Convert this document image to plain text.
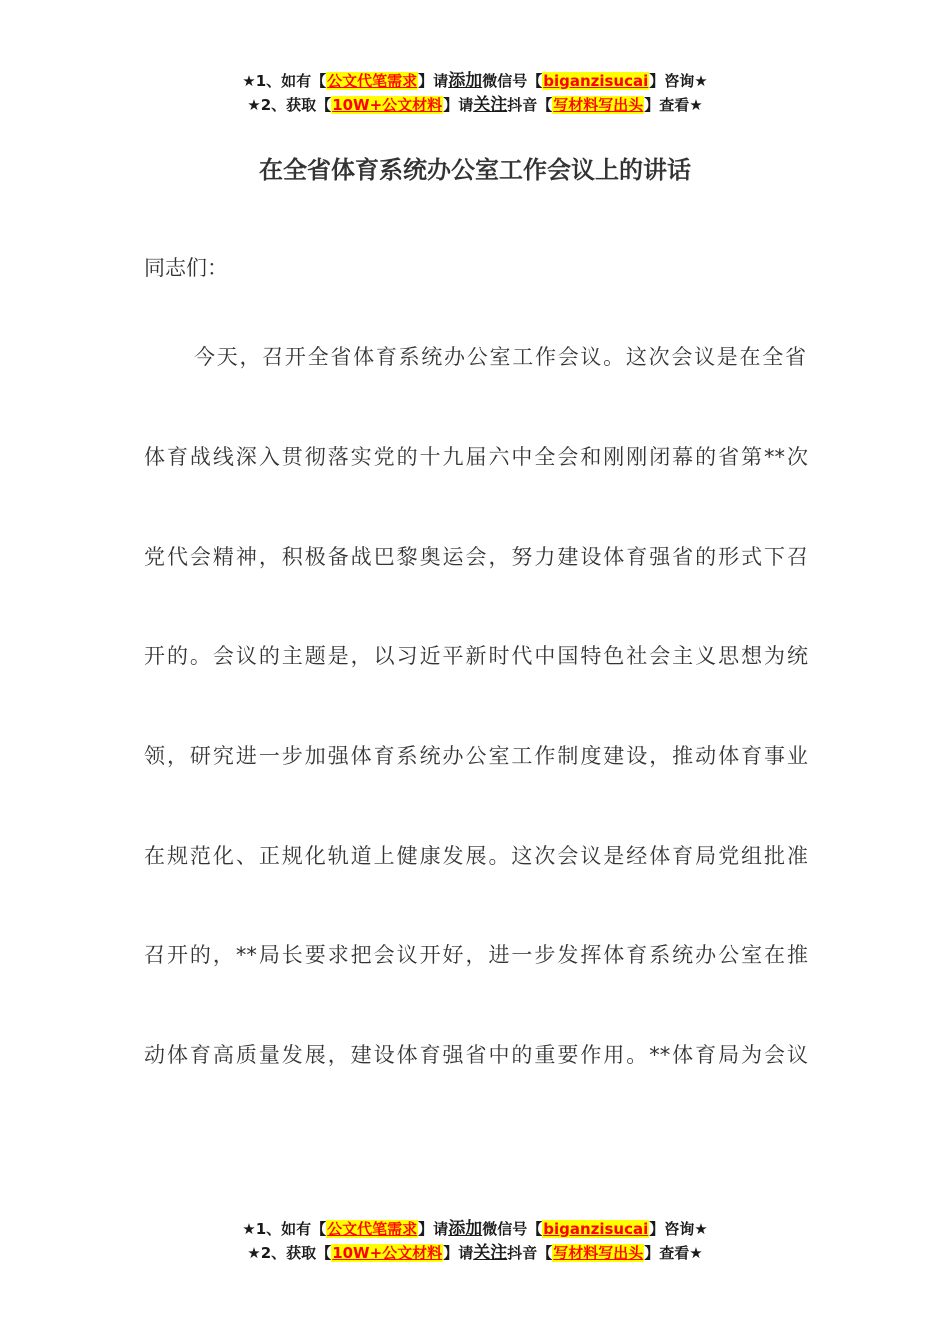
★1、如有【公文代笔需求】请添加微信号【biganzisucai】咨询★
★2、获取【10W+公文材料】请关注抖音【写材料写出头】查看★
在全省体育系统办公室工作会议上的讲话
同志们：
今天，召开全省体育系统办公室工作会议。这次会议是在全省
体育战线深入贯彻落实党的十九届六中全会和刚刚闭幕的省第**次
党代会精神，积极备战巴黎奥运会，努力建设体育强省的形式下召
开的。会议的主题是，以习近平新时代中国特色社会主义思想为统
领，研究进一步加强体育系统办公室工作制度建设，推动体育事业
在规范化、正规化轨道上健康发展。这次会议是经体育局党组批准
召开的，**局长要求把会议开好，进一步发挥体育系统办公室在推
动体育高质量发展，建设体育强省中的重要作用。**体育局为会议
★1、如有【公文代笔需求】请添加微信号【biganzisucai】咨询★
★2、获取【10W+公文材料】请关注抖音【写材料写出头】查看★
